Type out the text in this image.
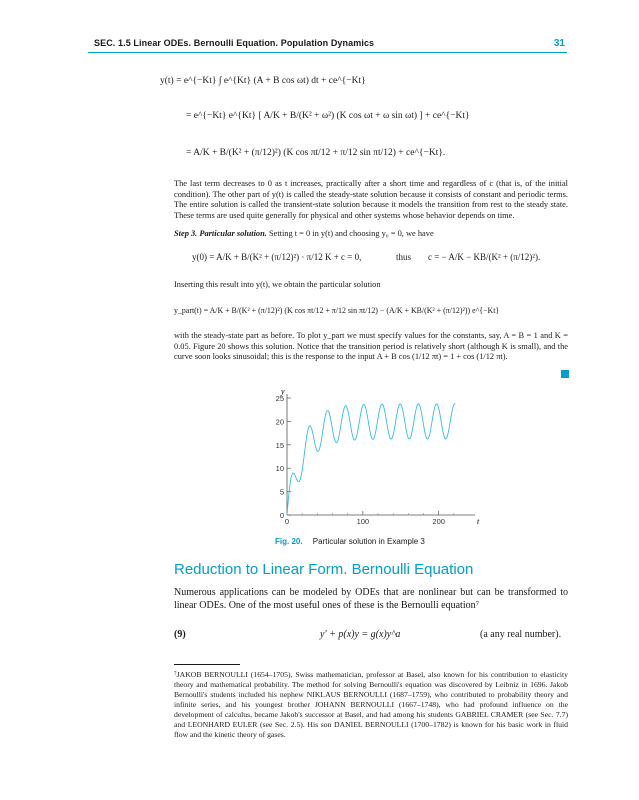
SEC. 1.5 Linear ODEs. Bernoulli Equation. Population Dynamics	31
y(t) = e^{−Kt} ∫ e^{Kt} (A + B cos ωt) dt + ce^{−Kt}
= e^{−Kt} e^{Kt} [ A/K + B/(K² + ω²) (K cos ωt + ω sin ωt) ] + ce^{−Kt}
= A/K + B/(K² + (π/12)²) (K cos πt/12 + π/12 sin πt/12) + ce^{−Kt}.
The last term decreases to 0 as t increases, practically after a short time and regardless of c (that is, of the initial condition). The other part of y(t) is called the steady-state solution because it consists of constant and periodic terms. The entire solution is called the transient-state solution because it models the transition from rest to the steady state. These terms are used quite generally for physical and other systems whose behavior depends on time.
Step 3. Particular solution. Setting t = 0 in y(t) and choosing y₀ = 0, we have
y(0) = A/K + B/(K² + (π/12)²) · π/12 K + c = 0,	thus c = − A/K − KB/(K² + (π/12)²).
Inserting this result into y(t), we obtain the particular solution
y_part(t) = A/K + B/(K² + (π/12)²) (K cos πt/12 + π/12 sin πt/12) − (A/K + KB/(K² + (π/12)²)) e^{−Kt}
with the steady-state part as before. To plot y_part we must specify values for the constants, say, A = B = 1 and K = 0.05. Figure 20 shows this solution. Notice that the transition period is relatively short (although K is small), and the curve soon looks sinusoidal; this is the response to the input A + B cos (1/12 πt) = 1 + cos (1/12 πt).
0
5
10
15
20
25
0	100	200
y
t
Fig. 20. Particular solution in Example 3
Reduction to Linear Form. Bernoulli Equation
Numerous applications can be modeled by ODEs that are nonlinear but can be transformed to linear ODEs. One of the most useful ones of these is the Bernoulli equation⁷
(9)	y′ + p(x)y = g(x)y^a	(a any real number).
⁷JAKOB BERNOULLI (1654–1705), Swiss mathematician, professor at Basel, also known for his contribution to elasticity theory and mathematical probability. The method for solving Bernoulli's equation was discovered by Leibniz in 1696. Jakob Bernoulli's students included his nephew NIKLAUS BERNOULLI (1687–1759), who contributed to probability theory and infinite series, and his youngest brother JOHANN BERNOULLI (1667–1748), who had profound influence on the development of calculus, became Jakob's successor at Basel, and had among his students GABRIEL CRAMER (see Sec. 7.7) and LEONHARD EULER (see Sec. 2.5). His son DANIEL BERNOULLI (1700–1782) is known for his basic work in fluid flow and the kinetic theory of gases.
